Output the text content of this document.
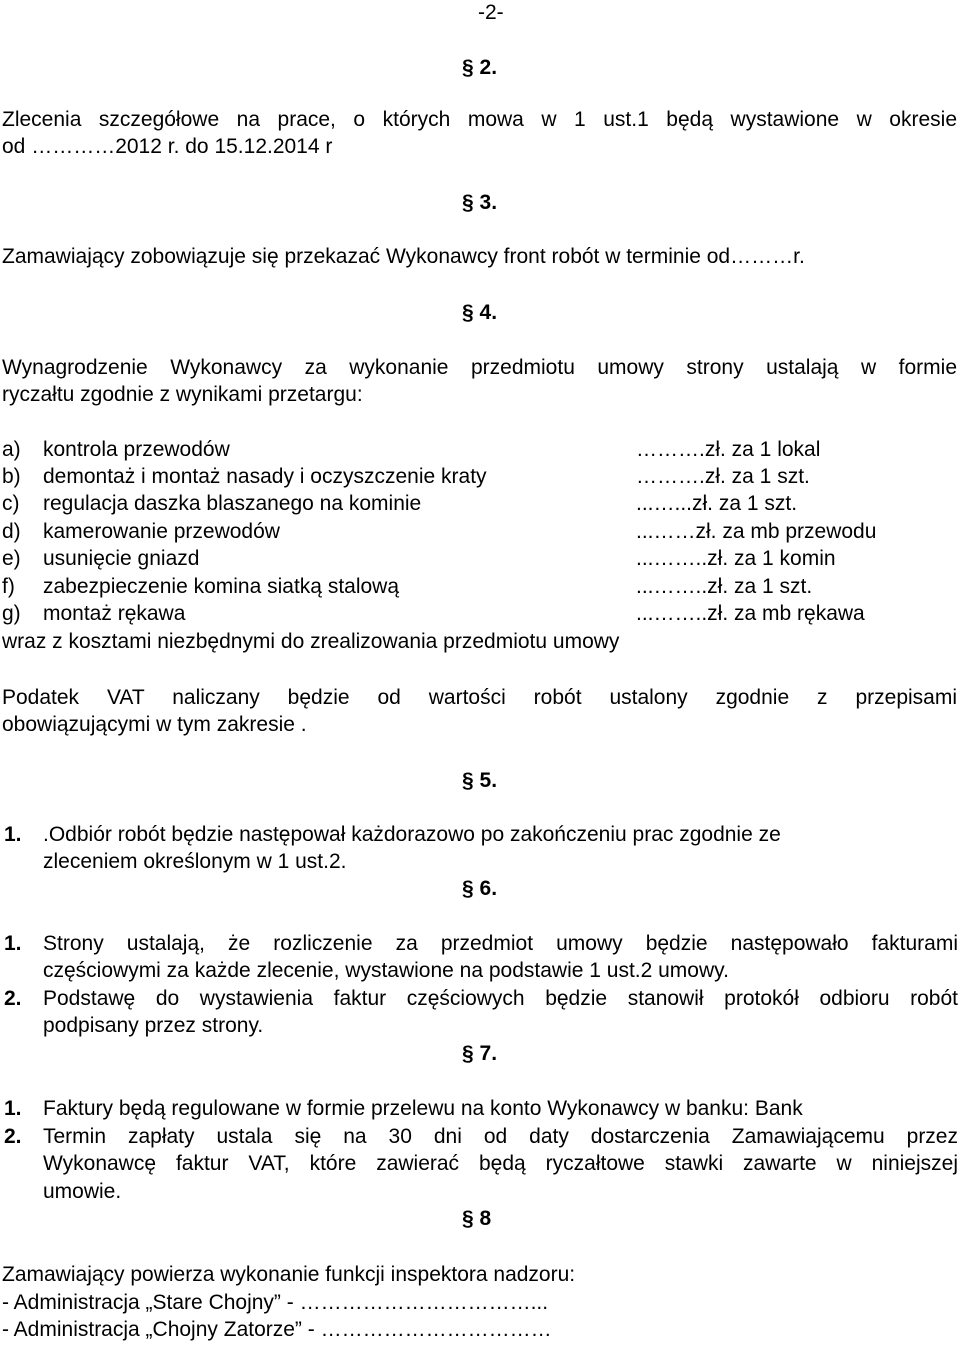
-2-
§ 2.
Zlecenia szczegółowe na prace, o których mowa w 1 ust.1 będą wystawione w okresie
od …………2012 r. do 15.12.2014 r
§ 3.
Zamawiający zobowiązuje się przekazać Wykonawcy front robót w terminie od………r.
§ 4.
Wynagrodzenie Wykonawcy za wykonanie przedmiotu umowy strony ustalają w formie
ryczałtu zgodnie z wynikami przetargu:
a) kontrola przewodów	……….zł. za 1 lokal
b) demontaż i montaż nasady i oczyszczenie kraty	……….zł. za 1 szt.
c) regulacja daszka blaszanego na kominie	...…...zł. za 1 szt.
d) kamerowanie przewodów	...……zł. za mb przewodu
e) usunięcie gniazd	...……..zł. za 1 komin
f) zabezpieczenie komina siatką stalową	...……..zł. za 1 szt.
g) montaż rękawa	...……..zł. za mb rękawa
wraz z kosztami niezbędnymi do zrealizowania przedmiotu umowy
Podatek VAT naliczany będzie od wartości robót ustalony zgodnie z przepisami
obowiązującymi w tym zakresie .
§ 5.
1. .Odbiór robót będzie następował każdorazowo po zakończeniu prac zgodnie ze
zleceniem określonym w 1 ust.2.
§ 6.
1. Strony ustalają, że rozliczenie za przedmiot umowy będzie następowało fakturami
częściowymi za każde zlecenie, wystawione na podstawie 1 ust.2 umowy.
2. Podstawę do wystawienia faktur częściowych będzie stanowił protokół odbioru robót
podpisany przez strony.
§ 7.
1. Faktury będą regulowane w formie przelewu na konto Wykonawcy w banku: Bank
2. Termin zapłaty ustala się na 30 dni od daty dostarczenia Zamawiającemu przez
Wykonawcę faktur VAT, które zawierać będą ryczałtowe stawki zawarte w niniejszej
umowie.
§ 8
Zamawiający powierza wykonanie funkcji inspektora nadzoru:
- Administracja „Stare Chojny” - ……………………………...
- Administracja „Chojny Zatorze” - ……………………………
